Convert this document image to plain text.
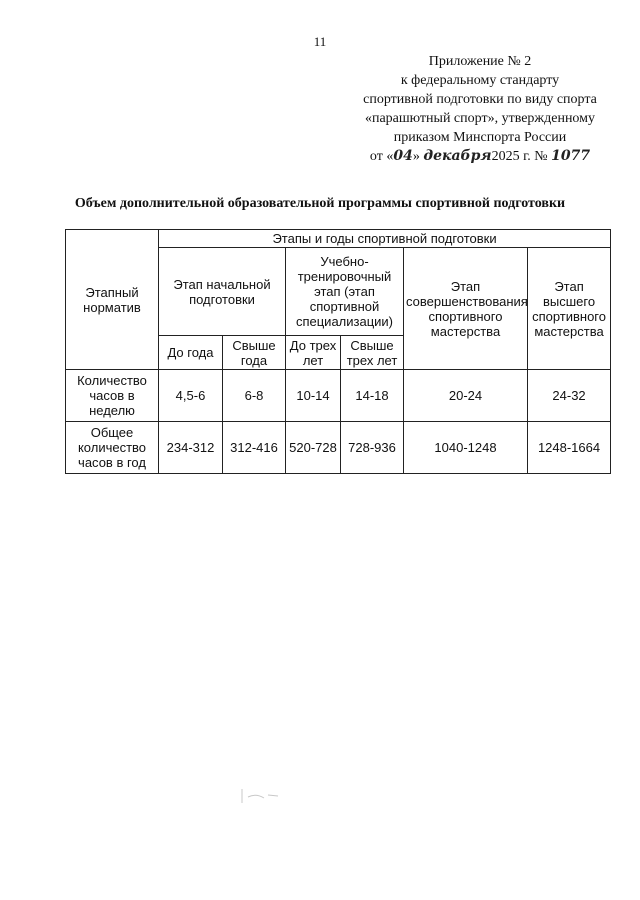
11
Приложение № 2
к федеральному стандарту
спортивной подготовки по виду спорта
«парашютный спорт», утвержденному
приказом Минспорта России
от «04» декабря2025 г. № 1077
Объем дополнительной образовательной программы спортивной подготовки
Этапный норматив	Этапы и годы спортивной подготовки					
	Этап начальной подготовки		Учебно-тренировочный этап (этап спортивной специализации)		Этап совершенствования спортивного мастерства	Этап высшего спортивного мастерства
	До года	Свыше года	До трех лет	Свыше трех лет		
Количество часов в неделю	4,5-6	6-8	10-14	14-18	20-24	24-32
Общее количество часов в год	234-312	312-416	520-728	728-936	1040-1248	1248-1664
